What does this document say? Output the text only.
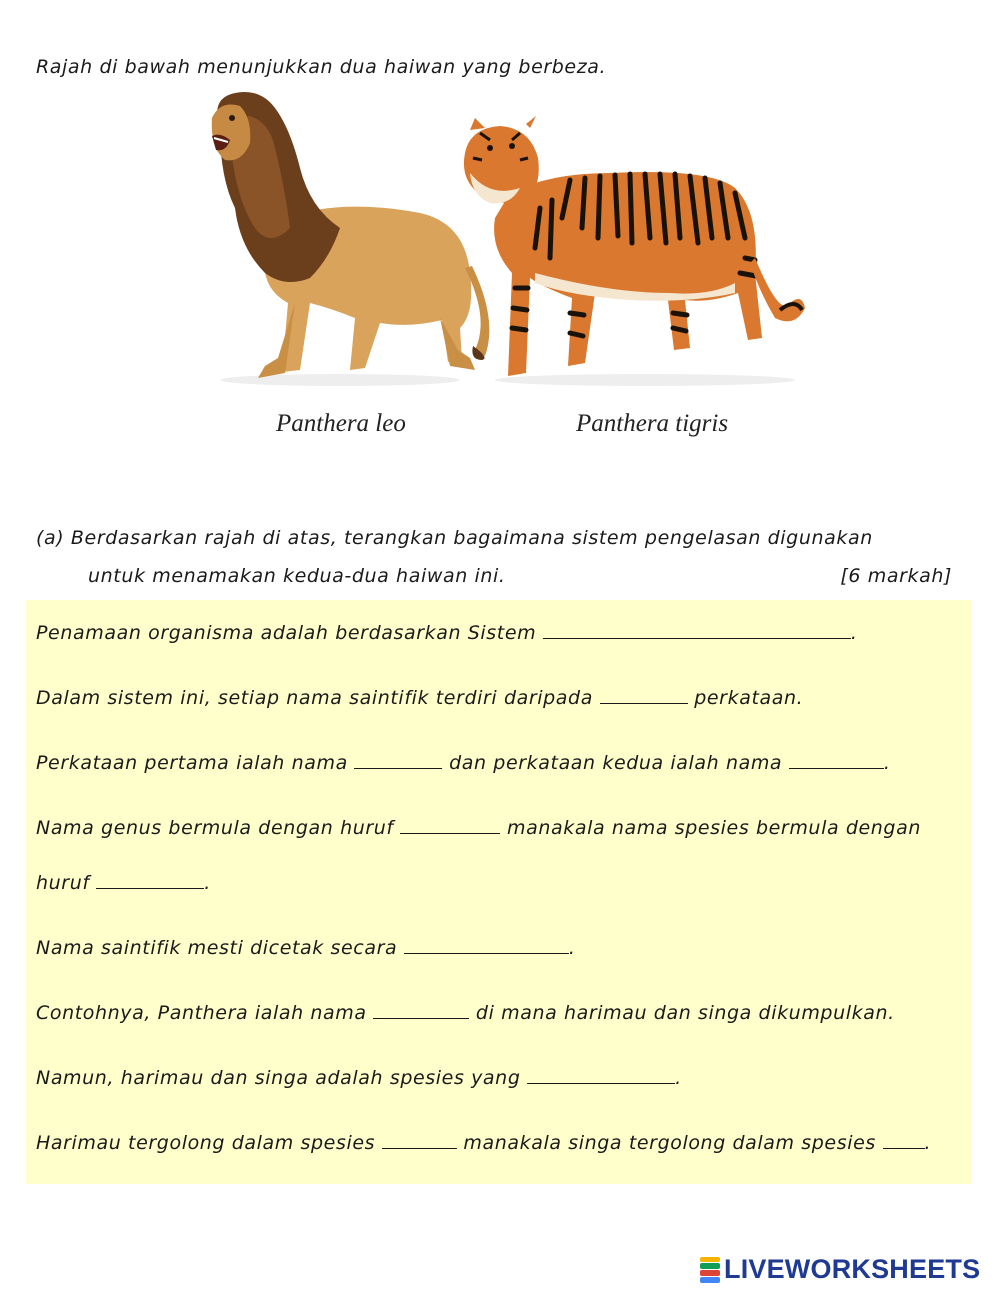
Rajah di bawah menunjukkan dua haiwan yang berbeza.
Panthera leo	Panthera tigris
(a) Berdasarkan rajah di atas, terangkan bagaimana sistem pengelasan digunakan
untuk menamakan kedua-dua haiwan ini.	[6 markah]
Penamaan organisma adalah berdasarkan Sistem	.
Dalam sistem ini, setiap nama saintifik terdiri daripada	perkataan.
Perkataan pertama ialah nama	dan perkataan kedua ialah nama	.
Nama genus bermula dengan huruf	manakala nama spesies bermula dengan
huruf	.
Nama saintifik mesti dicetak secara	.
Contohnya, Panthera ialah nama	di mana harimau dan singa dikumpulkan.
Namun, harimau dan singa adalah spesies yang	.
Harimau tergolong dalam spesies	manakala singa tergolong dalam spesies	.
LIVEWORKSHEETS
